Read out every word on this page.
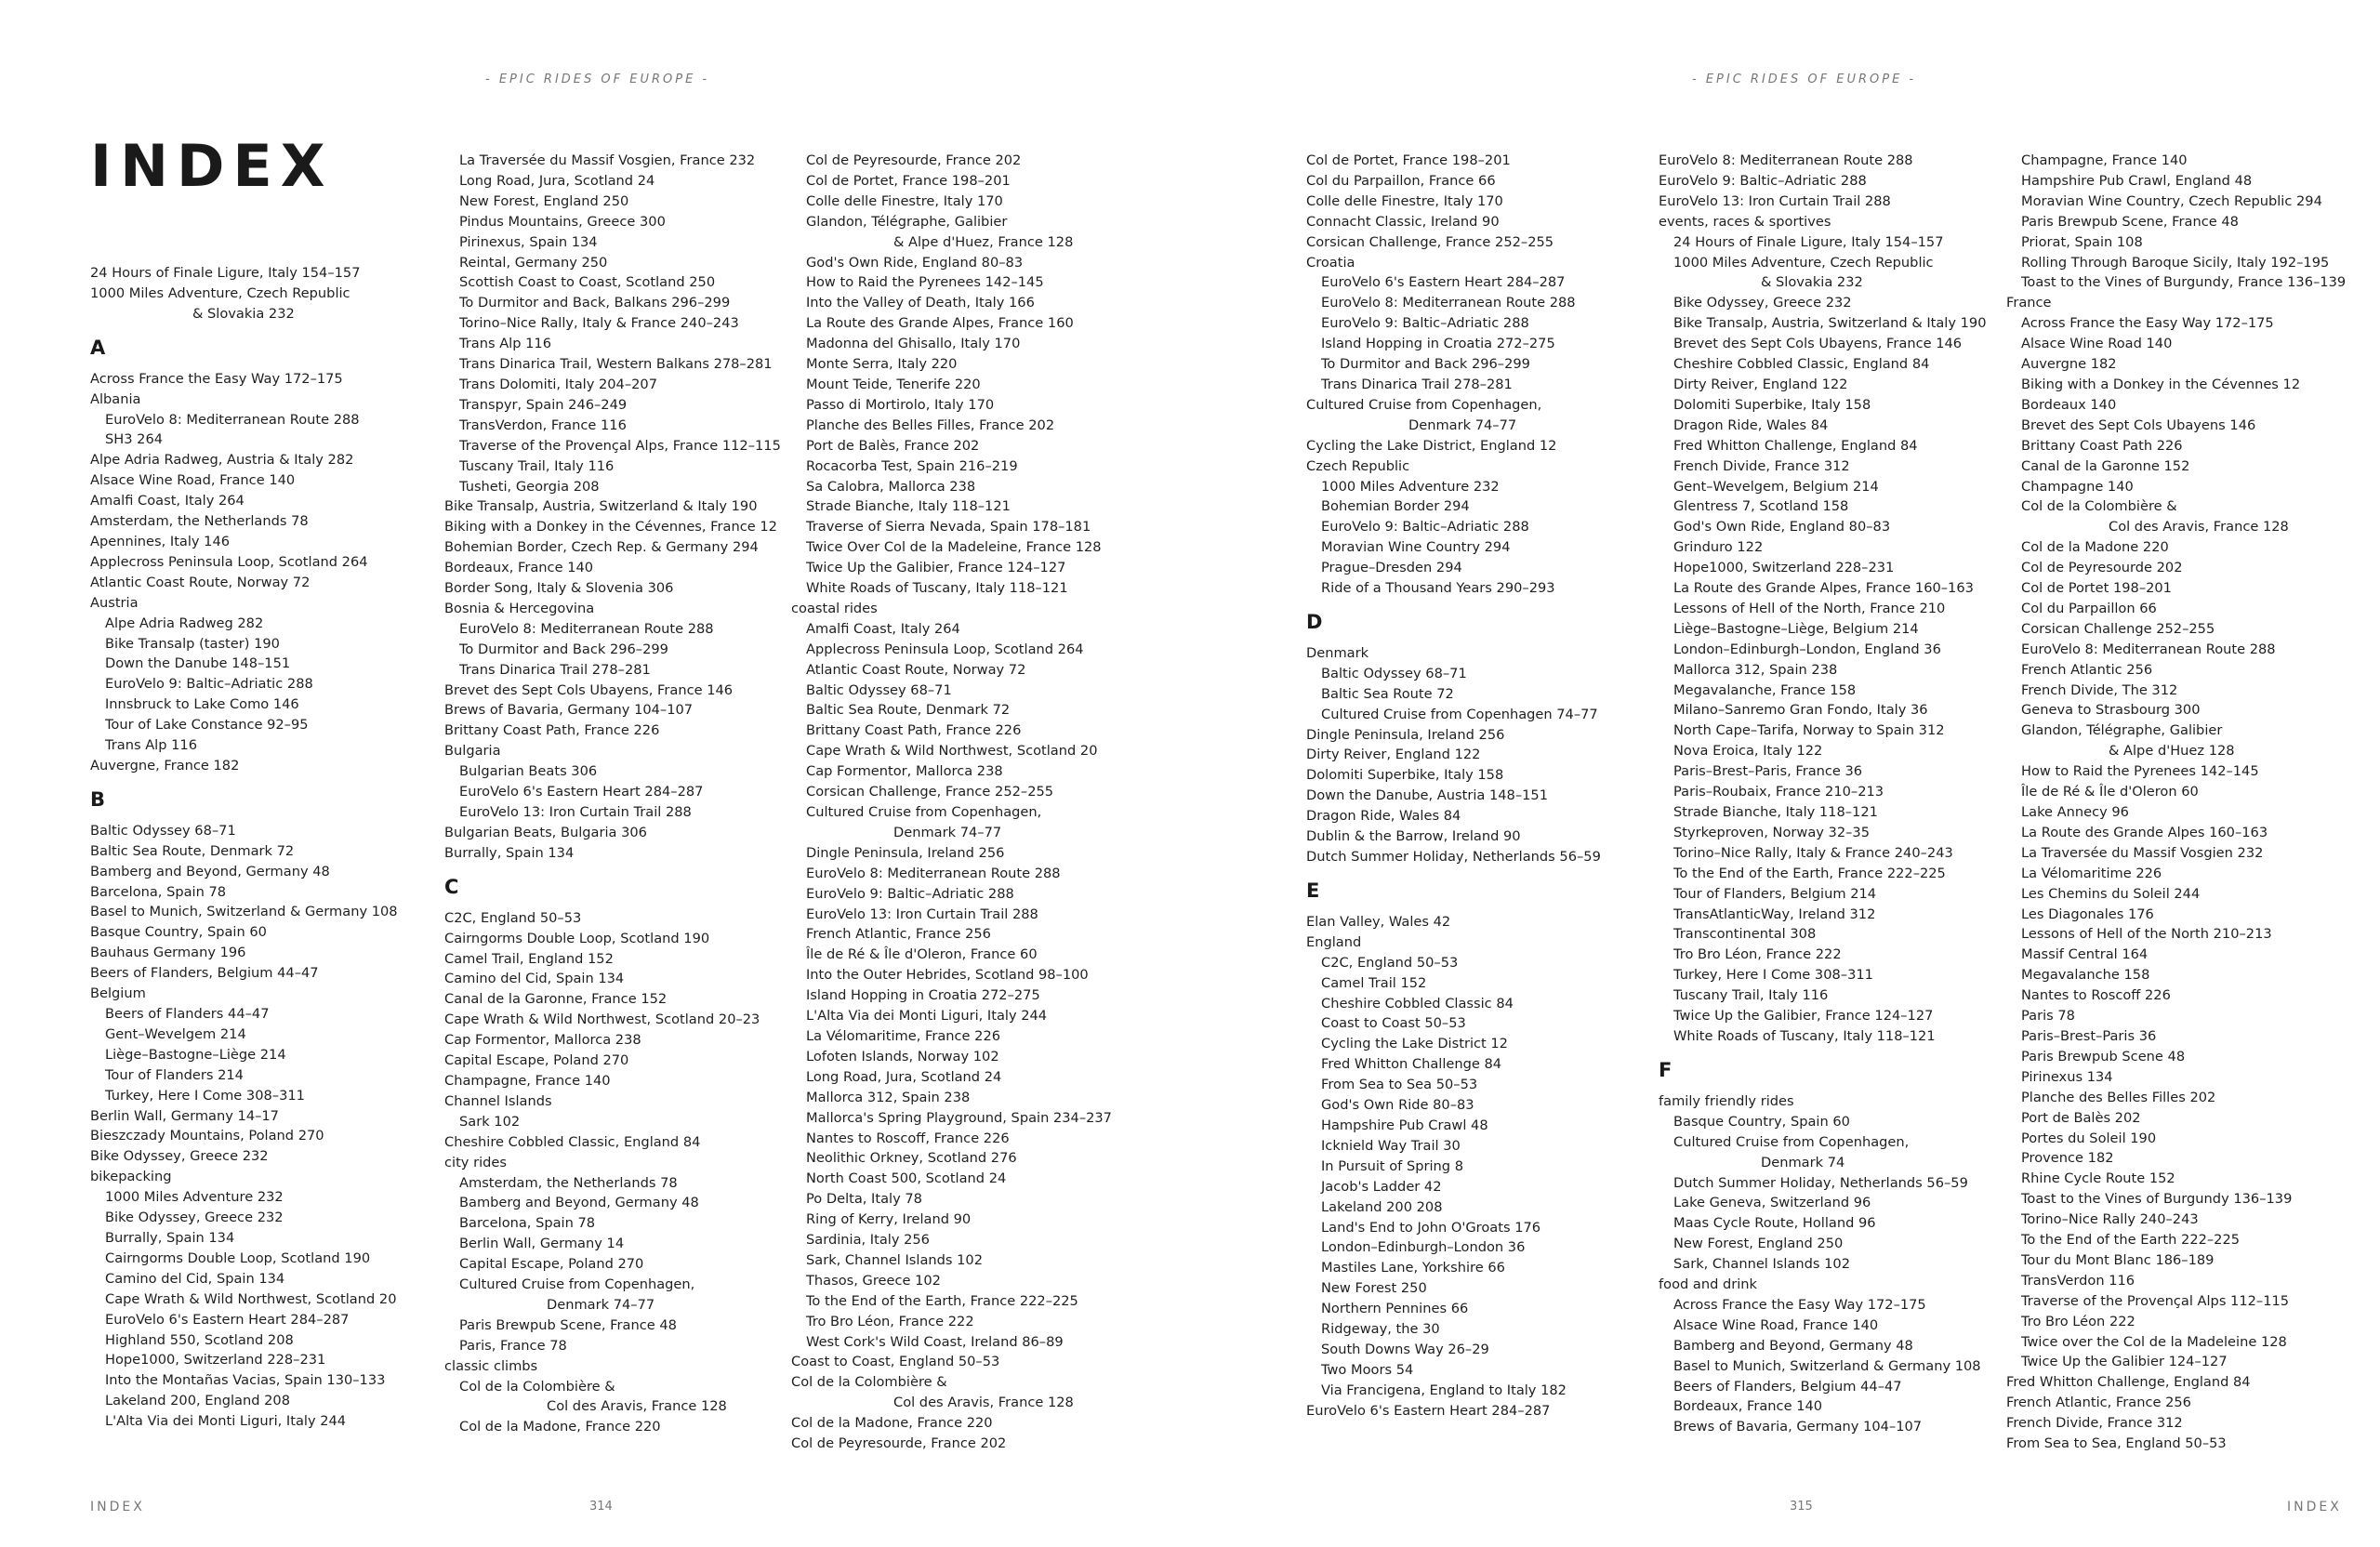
- EPIC RIDES OF EUROPE -	- EPIC RIDES OF EUROPE -
INDEX
24 Hours of Finale Ligure, Italy 154–157
1000 Miles Adventure, Czech Republic
& Slovakia 232
A
Across France the Easy Way 172–175
Albania
EuroVelo 8: Mediterranean Route 288
SH3 264
Alpe Adria Radweg, Austria & Italy 282
Alsace Wine Road, France 140
Amalfi Coast, Italy 264
Amsterdam, the Netherlands 78
Apennines, Italy 146
Applecross Peninsula Loop, Scotland 264
Atlantic Coast Route, Norway 72
Austria
Alpe Adria Radweg 282
Bike Transalp (taster) 190
Down the Danube 148–151
EuroVelo 9: Baltic–Adriatic 288
Innsbruck to Lake Como 146
Tour of Lake Constance 92–95
Trans Alp 116
Auvergne, France 182
B
Baltic Odyssey 68–71
Baltic Sea Route, Denmark 72
Bamberg and Beyond, Germany 48
Barcelona, Spain 78
Basel to Munich, Switzerland & Germany 108
Basque Country, Spain 60
Bauhaus Germany 196
Beers of Flanders, Belgium 44–47
Belgium
Beers of Flanders 44–47
Gent–Wevelgem 214
Liège–Bastogne–Liège 214
Tour of Flanders 214
Turkey, Here I Come 308–311
Berlin Wall, Germany 14–17
Bieszczady Mountains, Poland 270
Bike Odyssey, Greece 232
bikepacking
1000 Miles Adventure 232
Bike Odyssey, Greece 232
Burrally, Spain 134
Cairngorms Double Loop, Scotland 190
Camino del Cid, Spain 134
Cape Wrath & Wild Northwest, Scotland 20
EuroVelo 6's Eastern Heart 284–287
Highland 550, Scotland 208
Hope1000, Switzerland 228–231
Into the Montañas Vacias, Spain 130–133
Lakeland 200, England 208
L'Alta Via dei Monti Liguri, Italy 244
La Traversée du Massif Vosgien, France 232
Long Road, Jura, Scotland 24
New Forest, England 250
Pindus Mountains, Greece 300
Pirinexus, Spain 134
Reintal, Germany 250
Scottish Coast to Coast, Scotland 250
To Durmitor and Back, Balkans 296–299
Torino–Nice Rally, Italy & France 240–243
Trans Alp 116
Trans Dinarica Trail, Western Balkans 278–281
Trans Dolomiti, Italy 204–207
Transpyr, Spain 246–249
TransVerdon, France 116
Traverse of the Provençal Alps, France 112–115
Tuscany Trail, Italy 116
Tusheti, Georgia 208
Bike Transalp, Austria, Switzerland & Italy 190
Biking with a Donkey in the Cévennes, France 12
Bohemian Border, Czech Rep. & Germany 294
Bordeaux, France 140
Border Song, Italy & Slovenia 306
Bosnia & Hercegovina
EuroVelo 8: Mediterranean Route 288
To Durmitor and Back 296–299
Trans Dinarica Trail 278–281
Brevet des Sept Cols Ubayens, France 146
Brews of Bavaria, Germany 104–107
Brittany Coast Path, France 226
Bulgaria
Bulgarian Beats 306
EuroVelo 6's Eastern Heart 284–287
EuroVelo 13: Iron Curtain Trail 288
Bulgarian Beats, Bulgaria 306
Burrally, Spain 134
C
C2C, England 50–53
Cairngorms Double Loop, Scotland 190
Camel Trail, England 152
Camino del Cid, Spain 134
Canal de la Garonne, France 152
Cape Wrath & Wild Northwest, Scotland 20–23
Cap Formentor, Mallorca 238
Capital Escape, Poland 270
Champagne, France 140
Channel Islands
Sark 102
Cheshire Cobbled Classic, England 84
city rides
Amsterdam, the Netherlands 78
Bamberg and Beyond, Germany 48
Barcelona, Spain 78
Berlin Wall, Germany 14
Capital Escape, Poland 270
Cultured Cruise from Copenhagen,
Denmark 74–77
Paris Brewpub Scene, France 48
Paris, France 78
classic climbs
Col de la Colombière &
Col des Aravis, France 128
Col de la Madone, France 220
Col de Peyresourde, France 202
Col de Portet, France 198–201
Colle delle Finestre, Italy 170
Glandon, Télégraphe, Galibier
& Alpe d'Huez, France 128
God's Own Ride, England 80–83
How to Raid the Pyrenees 142–145
Into the Valley of Death, Italy 166
La Route des Grande Alpes, France 160
Madonna del Ghisallo, Italy 170
Monte Serra, Italy 220
Mount Teide, Tenerife 220
Passo di Mortirolo, Italy 170
Planche des Belles Filles, France 202
Port de Balès, France 202
Rocacorba Test, Spain 216–219
Sa Calobra, Mallorca 238
Strade Bianche, Italy 118–121
Traverse of Sierra Nevada, Spain 178–181
Twice Over Col de la Madeleine, France 128
Twice Up the Galibier, France 124–127
White Roads of Tuscany, Italy 118–121
coastal rides
Amalfi Coast, Italy 264
Applecross Peninsula Loop, Scotland 264
Atlantic Coast Route, Norway 72
Baltic Odyssey 68–71
Baltic Sea Route, Denmark 72
Brittany Coast Path, France 226
Cape Wrath & Wild Northwest, Scotland 20
Cap Formentor, Mallorca 238
Corsican Challenge, France 252–255
Cultured Cruise from Copenhagen,
Denmark 74–77
Dingle Peninsula, Ireland 256
EuroVelo 8: Mediterranean Route 288
EuroVelo 9: Baltic–Adriatic 288
EuroVelo 13: Iron Curtain Trail 288
French Atlantic, France 256
Île de Ré & Île d'Oleron, France 60
Into the Outer Hebrides, Scotland 98–100
Island Hopping in Croatia 272–275
L'Alta Via dei Monti Liguri, Italy 244
La Vélomaritime, France 226
Lofoten Islands, Norway 102
Long Road, Jura, Scotland 24
Mallorca 312, Spain 238
Mallorca's Spring Playground, Spain 234–237
Nantes to Roscoff, France 226
Neolithic Orkney, Scotland 276
North Coast 500, Scotland 24
Po Delta, Italy 78
Ring of Kerry, Ireland 90
Sardinia, Italy 256
Sark, Channel Islands 102
Thasos, Greece 102
To the End of the Earth, France 222–225
Tro Bro Léon, France 222
West Cork's Wild Coast, Ireland 86–89
Coast to Coast, England 50–53
Col de la Colombière &
Col des Aravis, France 128
Col de la Madone, France 220
Col de Peyresourde, France 202
Col de Portet, France 198–201
Col du Parpaillon, France 66
Colle delle Finestre, Italy 170
Connacht Classic, Ireland 90
Corsican Challenge, France 252–255
Croatia
EuroVelo 6's Eastern Heart 284–287
EuroVelo 8: Mediterranean Route 288
EuroVelo 9: Baltic–Adriatic 288
Island Hopping in Croatia 272–275
To Durmitor and Back 296–299
Trans Dinarica Trail 278–281
Cultured Cruise from Copenhagen,
Denmark 74–77
Cycling the Lake District, England 12
Czech Republic
1000 Miles Adventure 232
Bohemian Border 294
EuroVelo 9: Baltic–Adriatic 288
Moravian Wine Country 294
Prague–Dresden 294
Ride of a Thousand Years 290–293
D
Denmark
Baltic Odyssey 68–71
Baltic Sea Route 72
Cultured Cruise from Copenhagen 74–77
Dingle Peninsula, Ireland 256
Dirty Reiver, England 122
Dolomiti Superbike, Italy 158
Down the Danube, Austria 148–151
Dragon Ride, Wales 84
Dublin & the Barrow, Ireland 90
Dutch Summer Holiday, Netherlands 56–59
E
Elan Valley, Wales 42
England
C2C, England 50–53
Camel Trail 152
Cheshire Cobbled Classic 84
Coast to Coast 50–53
Cycling the Lake District 12
Fred Whitton Challenge 84
From Sea to Sea 50–53
God's Own Ride 80–83
Hampshire Pub Crawl 48
Icknield Way Trail 30
In Pursuit of Spring 8
Jacob's Ladder 42
Lakeland 200 208
Land's End to John O'Groats 176
London–Edinburgh–London 36
Mastiles Lane, Yorkshire 66
New Forest 250
Northern Pennines 66
Ridgeway, the 30
South Downs Way 26–29
Two Moors 54
Via Francigena, England to Italy 182
EuroVelo 6's Eastern Heart 284–287
EuroVelo 8: Mediterranean Route 288
EuroVelo 9: Baltic–Adriatic 288
EuroVelo 13: Iron Curtain Trail 288
events, races & sportives
24 Hours of Finale Ligure, Italy 154–157
1000 Miles Adventure, Czech Republic
& Slovakia 232
Bike Odyssey, Greece 232
Bike Transalp, Austria, Switzerland & Italy 190
Brevet des Sept Cols Ubayens, France 146
Cheshire Cobbled Classic, England 84
Dirty Reiver, England 122
Dolomiti Superbike, Italy 158
Dragon Ride, Wales 84
Fred Whitton Challenge, England 84
French Divide, France 312
Gent–Wevelgem, Belgium 214
Glentress 7, Scotland 158
God's Own Ride, England 80–83
Grinduro 122
Hope1000, Switzerland 228–231
La Route des Grande Alpes, France 160–163
Lessons of Hell of the North, France 210
Liège–Bastogne–Liège, Belgium 214
London–Edinburgh–London, England 36
Mallorca 312, Spain 238
Megavalanche, France 158
Milano–Sanremo Gran Fondo, Italy 36
North Cape–Tarifa, Norway to Spain 312
Nova Eroica, Italy 122
Paris–Brest–Paris, France 36
Paris–Roubaix, France 210–213
Strade Bianche, Italy 118–121
Styrkeproven, Norway 32–35
Torino–Nice Rally, Italy & France 240–243
To the End of the Earth, France 222–225
Tour of Flanders, Belgium 214
TransAtlanticWay, Ireland 312
Transcontinental 308
Tro Bro Léon, France 222
Turkey, Here I Come 308–311
Tuscany Trail, Italy 116
Twice Up the Galibier, France 124–127
White Roads of Tuscany, Italy 118–121
F
family friendly rides
Basque Country, Spain 60
Cultured Cruise from Copenhagen,
Denmark 74
Dutch Summer Holiday, Netherlands 56–59
Lake Geneva, Switzerland 96
Maas Cycle Route, Holland 96
New Forest, England 250
Sark, Channel Islands 102
food and drink
Across France the Easy Way 172–175
Alsace Wine Road, France 140
Bamberg and Beyond, Germany 48
Basel to Munich, Switzerland & Germany 108
Beers of Flanders, Belgium 44–47
Bordeaux, France 140
Brews of Bavaria, Germany 104–107
Champagne, France 140
Hampshire Pub Crawl, England 48
Moravian Wine Country, Czech Republic 294
Paris Brewpub Scene, France 48
Priorat, Spain 108
Rolling Through Baroque Sicily, Italy 192–195
Toast to the Vines of Burgundy, France 136–139
France
Across France the Easy Way 172–175
Alsace Wine Road 140
Auvergne 182
Biking with a Donkey in the Cévennes 12
Bordeaux 140
Brevet des Sept Cols Ubayens 146
Brittany Coast Path 226
Canal de la Garonne 152
Champagne 140
Col de la Colombière &
Col des Aravis, France 128
Col de la Madone 220
Col de Peyresourde 202
Col de Portet 198–201
Col du Parpaillon 66
Corsican Challenge 252–255
EuroVelo 8: Mediterranean Route 288
French Atlantic 256
French Divide, The 312
Geneva to Strasbourg 300
Glandon, Télégraphe, Galibier
& Alpe d'Huez 128
How to Raid the Pyrenees 142–145
Île de Ré & Île d'Oleron 60
Lake Annecy 96
La Route des Grande Alpes 160–163
La Traversée du Massif Vosgien 232
La Vélomaritime 226
Les Chemins du Soleil 244
Les Diagonales 176
Lessons of Hell of the North 210–213
Massif Central 164
Megavalanche 158
Nantes to Roscoff 226
Paris 78
Paris–Brest–Paris 36
Paris Brewpub Scene 48
Pirinexus 134
Planche des Belles Filles 202
Port de Balès 202
Portes du Soleil 190
Provence 182
Rhine Cycle Route 152
Toast to the Vines of Burgundy 136–139
Torino–Nice Rally 240–243
To the End of the Earth 222–225
Tour du Mont Blanc 186–189
TransVerdon 116
Traverse of the Provençal Alps 112–115
Tro Bro Léon 222
Twice over the Col de la Madeleine 128
Twice Up the Galibier 124–127
Fred Whitton Challenge, England 84
French Atlantic, France 256
French Divide, France 312
From Sea to Sea, England 50–53
INDEX	314	315	INDEX
